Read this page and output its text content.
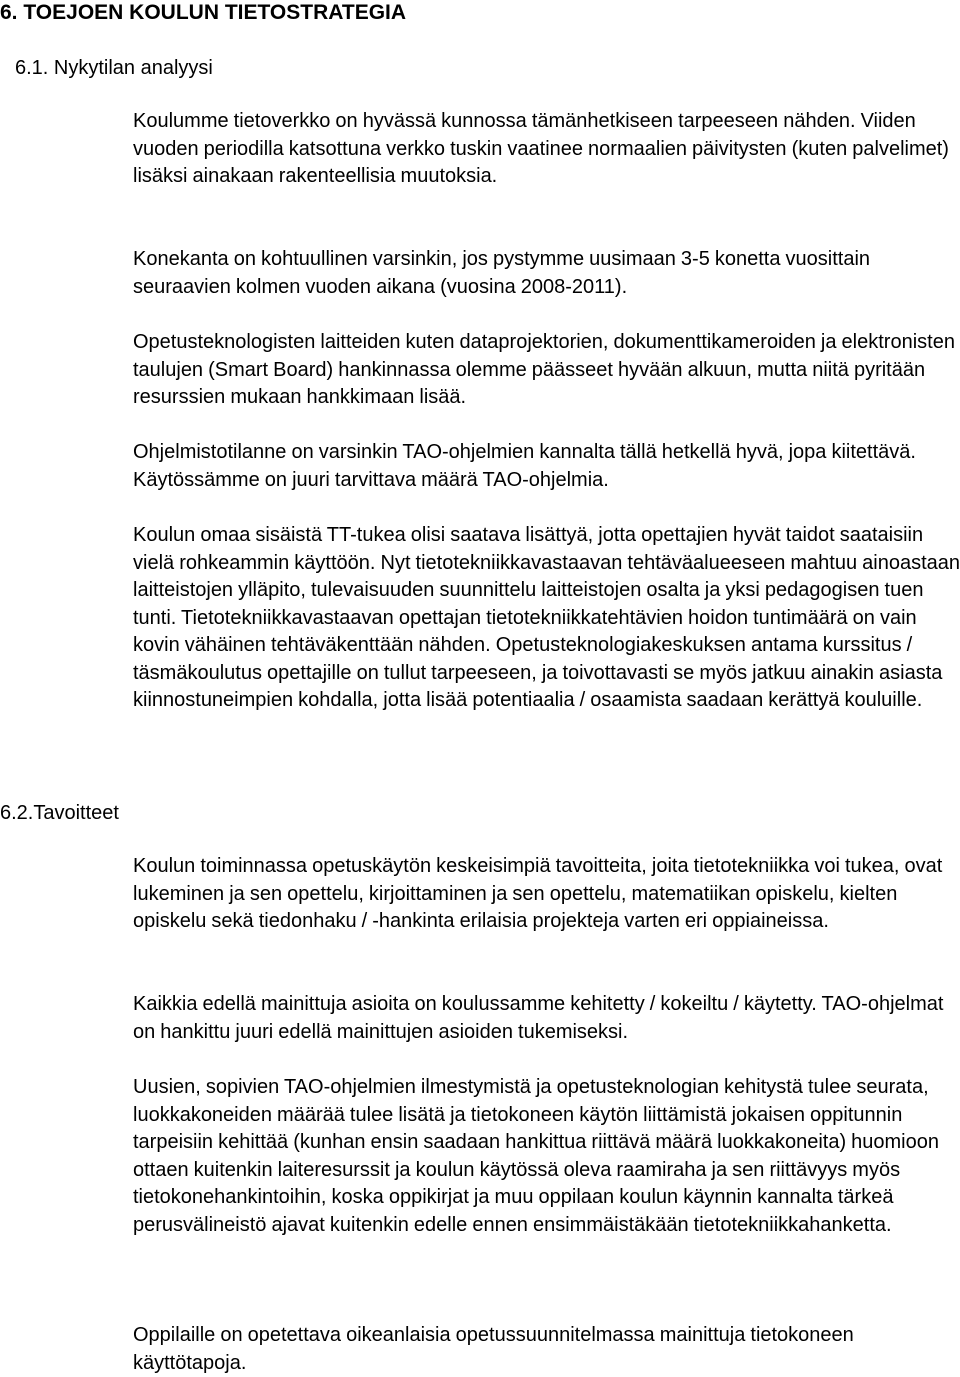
6. TOEJOEN KOULUN TIETOSTRATEGIA
6.1. Nykytilan analyysi

Koulumme tietoverkko on hyvässä kunnossa tämänhetkiseen tarpeeseen nähden. Viiden vuoden periodilla katsottuna verkko tuskin vaatinee normaalien päivitysten (kuten palvelimet) lisäksi ainakaan rakenteellisia muutoksia.

Konekanta on kohtuullinen varsinkin, jos pystymme uusimaan 3-5 konetta vuosittain seuraavien kolmen vuoden aikana (vuosina 2008-2011).

Opetusteknologisten laitteiden kuten dataprojektorien, dokumenttikameroiden ja elektronisten taulujen (Smart Board) hankinnassa olemme päässeet hyvään alkuun, mutta niitä pyritään resurssien mukaan hankkimaan lisää.

Ohjelmistotilanne on varsinkin TAO-ohjelmien kannalta tällä hetkellä hyvä, jopa kiitettävä. Käytössämme on juuri tarvittava määrä TAO-ohjelmia.

Koulun omaa sisäistä TT-tukea olisi saatava lisättyä, jotta opettajien hyvät taidot saataisiin vielä rohkeammin käyttöön. Nyt tietotekniikkavastaavan tehtäväalueeseen mahtuu ainoastaan laitteistojen ylläpito, tulevaisuuden suunnittelu laitteistojen osalta ja yksi pedagogisen tuen tunti. Tietotekniikkavastaavan opettajan tietotekniikkatehtävien hoidon tuntimäärä on vain kovin vähäinen tehtäväkenttään nähden. Opetusteknologiakeskuksen antama kurssitus / täsmäkoulutus opettajille on tullut tarpeeseen, ja toivottavasti se myös jatkuu ainakin asiasta kiinnostuneimpien kohdalla, jotta lisää potentiaalia / osaamista saadaan kerättyä kouluille.

6.2.Tavoitteet

Koulun toiminnassa opetuskäytön keskeisimpiä tavoitteita, joita tietotekniikka voi tukea, ovat lukeminen ja sen opettelu, kirjoittaminen ja sen opettelu, matematiikan opiskelu, kielten opiskelu sekä tiedonhaku / -hankinta erilaisia projekteja varten eri oppiaineissa.

Kaikkia edellä mainittuja asioita on koulussamme kehitetty / kokeiltu / käytetty. TAO-ohjelmat on hankittu juuri edellä mainittujen asioiden tukemiseksi.

Uusien, sopivien TAO-ohjelmien ilmestymistä ja opetusteknologian kehitystä tulee seurata, luokkakoneiden määrää tulee lisätä ja tietokoneen käytön liittämistä jokaisen oppitunnin tarpeisiin kehittää (kunhan ensin saadaan hankittua riittävä määrä luokkakoneita) huomioon ottaen kuitenkin laiteresurssit ja koulun käytössä oleva raamiraha ja sen riittävyys myös tietokonehankintoihin, koska oppikirjat ja muu oppilaan koulun käynnin kannalta tärkeä perusvälineistö ajavat kuitenkin edelle ennen ensimmäistäkään tietotekniikkahanketta.

Oppilaille on opetettava oikeanlaisia opetussuunnitelmassa mainittuja tietokoneen käyttötapoja.
